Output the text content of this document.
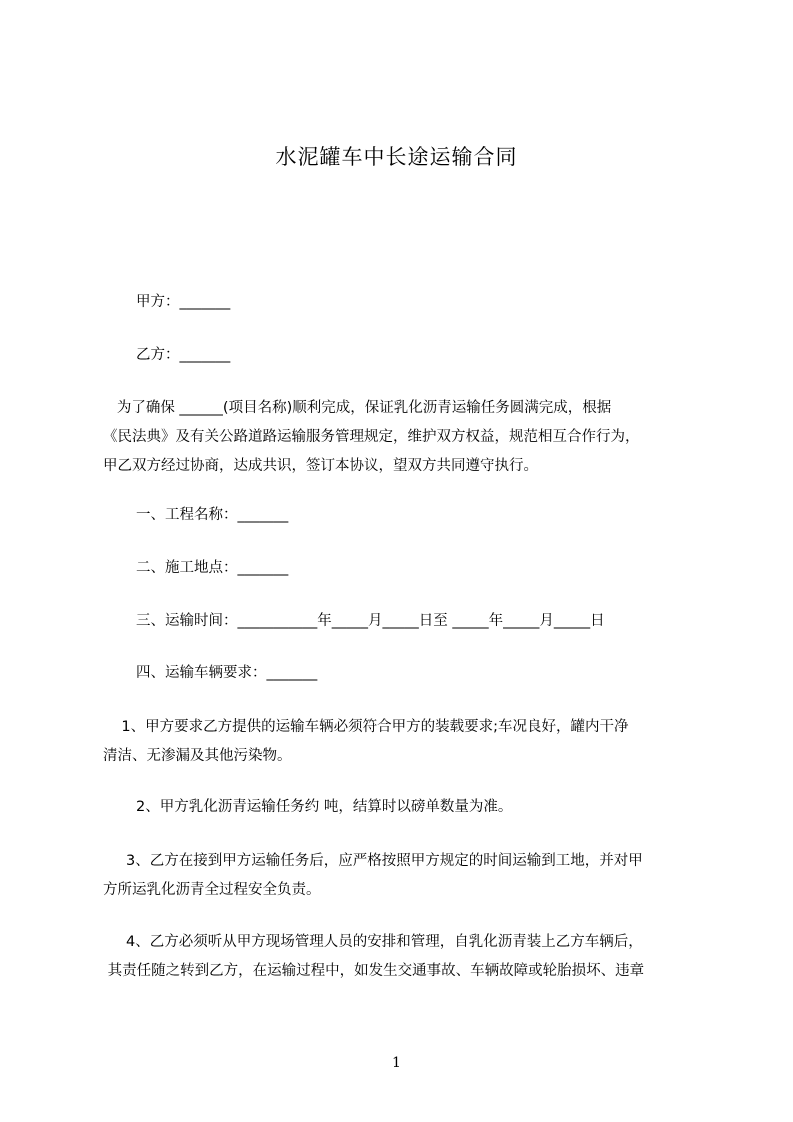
水泥罐车中长途运输合同
甲方：_______
乙方：_______

为了确保 ______(项目名称)顺利完成，保证乳化沥青运输任务圆满完成，根据

《民法典》及有关公路道路运输服务管理规定，维护双方权益，规范相互合作行为，

甲乙双方经过协商，达成共识，签订本协议，望双方共同遵守执行。

一、工程名称：_______
二、施工地点：_______
三、运输时间：___________年_____月_____日至 _____年_____月_____日
四、运输车辆要求：_______

1、甲方要求乙方提供的运输车辆必须符合甲方的装载要求;车况良好，罐内干净

清洁、无渗漏及其他污染物。

2、甲方乳化沥青运输任务约 吨，结算时以磅单数量为准。

3、乙方在接到甲方运输任务后，应严格按照甲方规定的时间运输到工地，并对甲

方所运乳化沥青全过程安全负责。

4、乙方必须听从甲方现场管理人员的安排和管理，自乳化沥青装上乙方车辆后，

其责任随之转到乙方，在运输过程中，如发生交通事故、车辆故障或轮胎损坏、违章

1
